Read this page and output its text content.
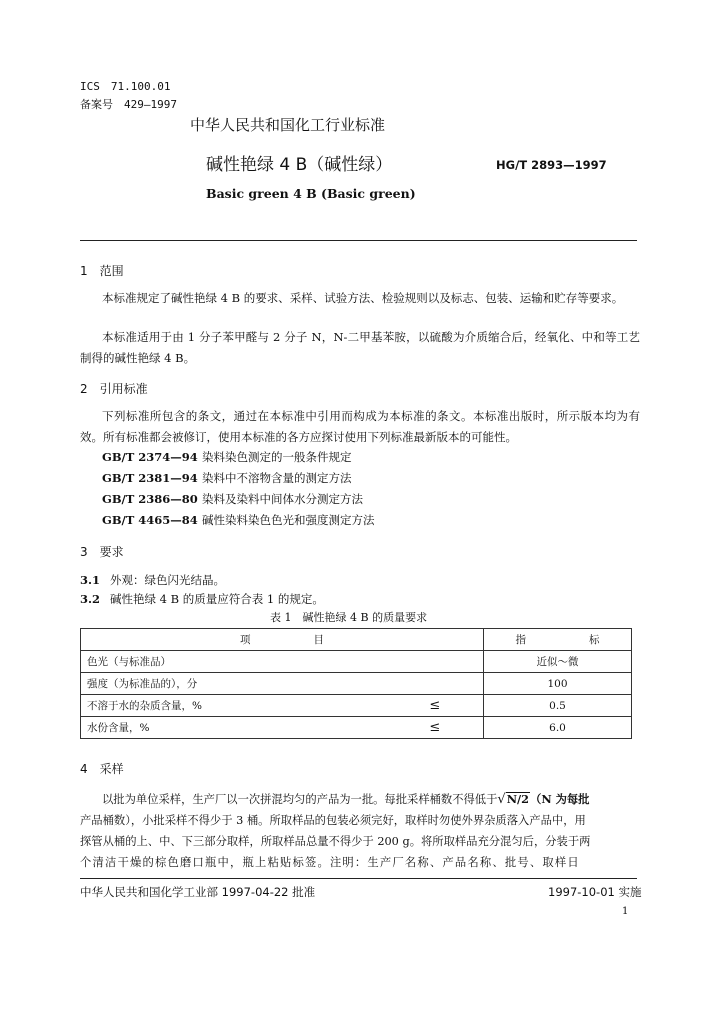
ICS　71.100.01
备案号　429—1997
中华人民共和国化工行业标准
碱性艳绿 4 B（碱性绿）	HG/T 2893—1997
Basic green 4 B (Basic green)
1　范围
本标准规定了碱性艳绿 4 B 的要求、采样、试验方法、检验规则以及标志、包装、运输和贮存等要求。
本标准适用于由 1 分子苯甲醛与 2 分子 N，N-二甲基苯胺，以硫酸为介质缩合后，经氧化、中和等工艺制得的碱性艳绿 4 B。
2　引用标准
下列标准所包含的条文，通过在本标准中引用而构成为本标准的条文。本标准出版时，所示版本均为有效。所有标准都会被修订，使用本标准的各方应探讨使用下列标准最新版本的可能性。
GB/T 2374—94 染料染色测定的一般条件规定
GB/T 2381—94 染料中不溶物含量的测定方法
GB/T 2386—80 染料及染料中间体水分测定方法
GB/T 4465—84 碱性染料染色色光和强度测定方法
3　要求
3.1 外观：绿色闪光结晶。
3.2 碱性艳绿 4 B 的质量应符合表 1 的规定。
表 1　碱性艳绿 4 B 的质量要求
项　　　　　　目		指　　　　　　标
色光（与标准品）		近似～微
强度（为标准品的），分		100
不溶于水的杂质含量，%	≤	0.5
水份含量，%	≤	6.0
4　采样
以批为单位采样，生产厂以一次拼混均匀的产品为一批。每批采样桶数不得低于√N/2（N 为每批
产品桶数），小批采样不得少于 3 桶。所取样品的包装必须完好，取样时勿使外界杂质落入产品中，用
探管从桶的上、中、下三部分取样，所取样品总量不得少于 200 g。将所取样品充分混匀后，分装于两
个清洁干燥的棕色磨口瓶中，瓶上粘贴标签。注明：生产厂名称、产品名称、批号、取样日
中华人民共和国化学工业部 1997-04-22 批准	1997-10-01 实施
1
